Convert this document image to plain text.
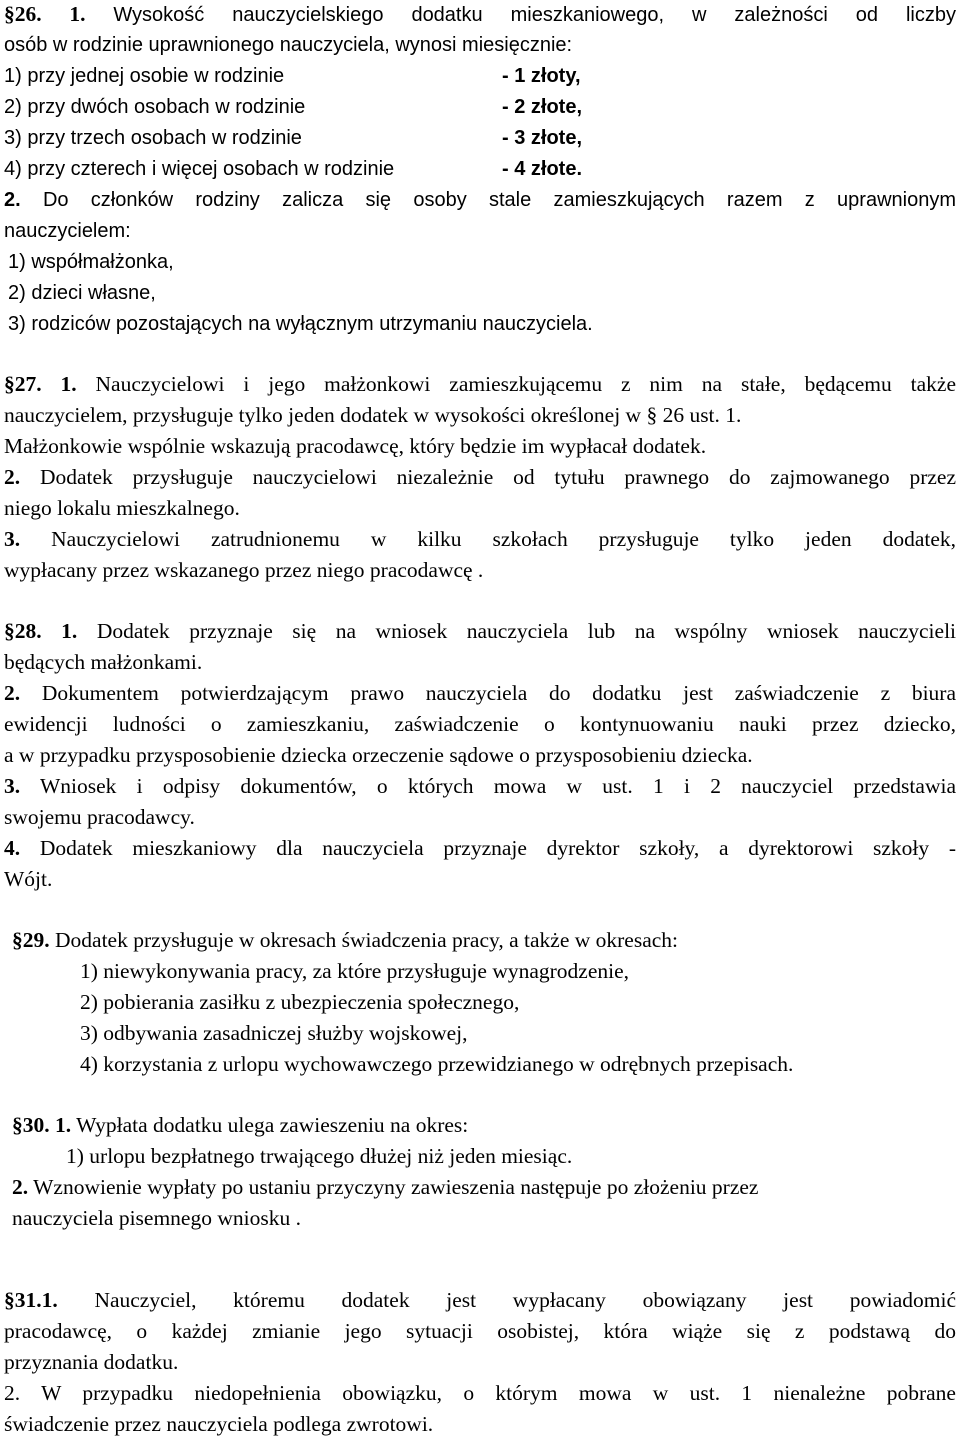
§26. 1. Wysokość nauczycielskiego dodatku mieszkaniowego, w zależności od liczby
osób w rodzinie uprawnionego nauczyciela, wynosi miesięcznie:
1) przy jednej osobie w rodzinie	- 1 złoty,
2) przy dwóch osobach w rodzinie	- 2 złote,
3) przy trzech osobach w rodzinie	- 3 złote,
4) przy czterech i więcej osobach w rodzinie	- 4 złote.
2. Do członków rodziny zalicza się osoby stale zamieszkujących razem z uprawnionym
nauczycielem:
1) współmałżonka,
2) dzieci własne,
3) rodziców pozostających na wyłącznym utrzymaniu nauczyciela.
§27. 1. Nauczycielowi i jego małżonkowi zamieszkującemu z nim na stałe, będącemu także
nauczycielem, przysługuje tylko jeden dodatek w wysokości określonej w § 26 ust. 1.
Małżonkowie wspólnie wskazują pracodawcę, który będzie im wypłacał dodatek.
2. Dodatek przysługuje nauczycielowi niezależnie od tytułu prawnego do zajmowanego przez
niego lokalu mieszkalnego.
3. Nauczycielowi zatrudnionemu w kilku szkołach przysługuje tylko jeden dodatek,
wypłacany przez wskazanego przez niego pracodawcę .
§28. 1. Dodatek przyznaje się na wniosek nauczyciela lub na wspólny wniosek nauczycieli
będących małżonkami.
2. Dokumentem potwierdzającym prawo nauczyciela do dodatku jest zaświadczenie z biura
ewidencji ludności o zamieszkaniu, zaświadczenie o kontynuowaniu nauki przez dziecko,
a w przypadku przysposobienie dziecka orzeczenie sądowe o przysposobieniu dziecka.
3. Wniosek i odpisy dokumentów, o których mowa w ust. 1 i 2 nauczyciel przedstawia
swojemu pracodawcy.
4. Dodatek mieszkaniowy dla nauczyciela przyznaje dyrektor szkoły, a dyrektorowi szkoły -
Wójt.
§29. Dodatek przysługuje w okresach świadczenia pracy, a także w okresach:
1) niewykonywania pracy, za które przysługuje wynagrodzenie,
2) pobierania zasiłku z ubezpieczenia społecznego,
3) odbywania zasadniczej służby wojskowej,
4) korzystania z urlopu wychowawczego przewidzianego w odrębnych przepisach.
§30. 1. Wypłata dodatku ulega zawieszeniu na okres:
1) urlopu bezpłatnego trwającego dłużej niż jeden miesiąc.
2. Wznowienie wypłaty po ustaniu przyczyny zawieszenia następuje po złożeniu przez
nauczyciela pisemnego wniosku .
§31.1. Nauczyciel, któremu dodatek jest wypłacany obowiązany jest powiadomić
pracodawcę, o każdej zmianie jego sytuacji osobistej, która wiąże się z podstawą do
przyznania dodatku.
2. W przypadku niedopełnienia obowiązku, o którym mowa w ust. 1 nienależne pobrane
świadczenie przez nauczyciela podlega zwrotowi.
